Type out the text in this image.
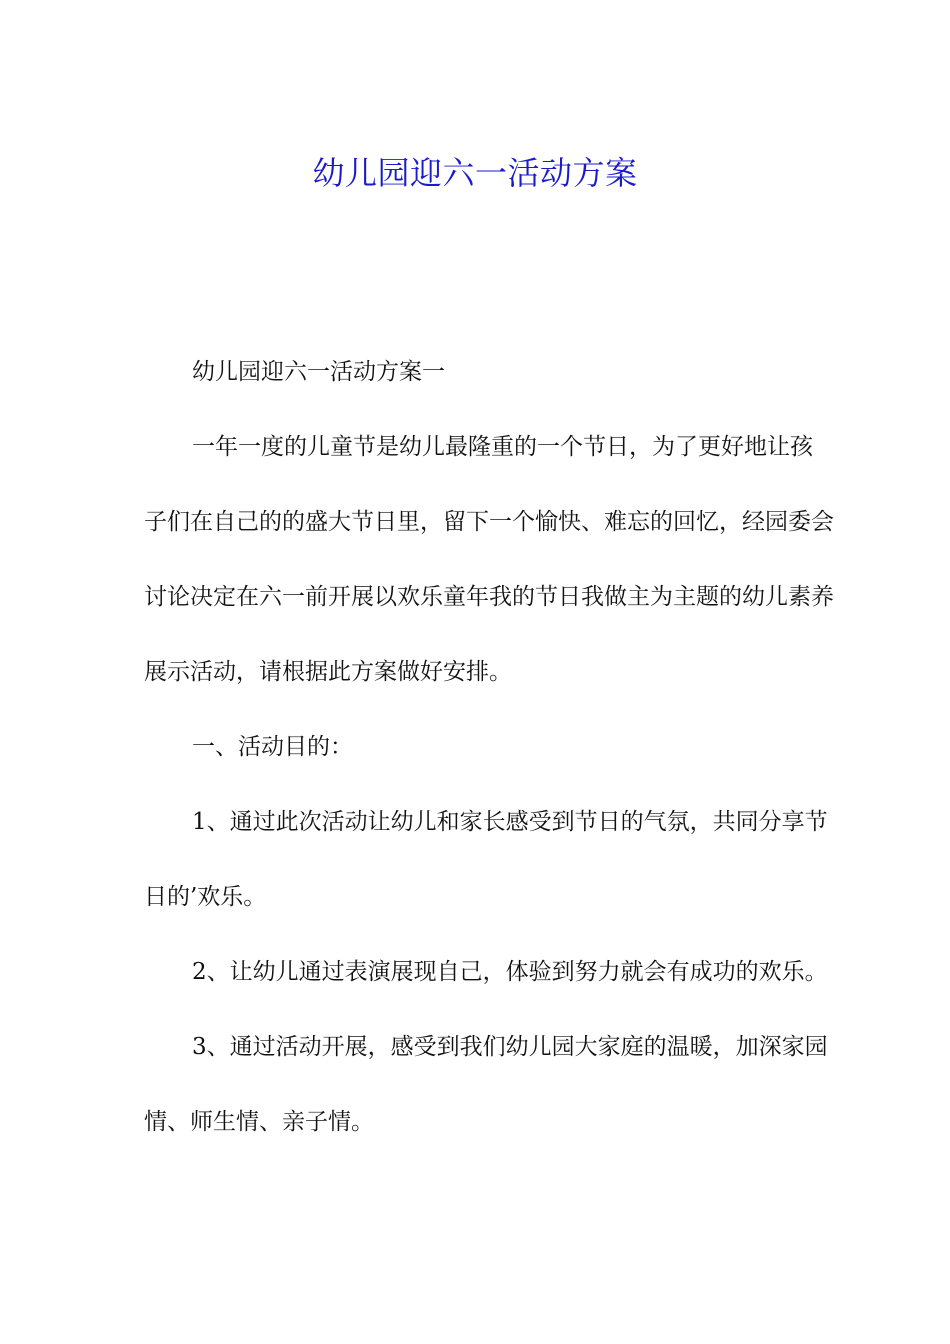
幼儿园迎六一活动方案

幼儿园迎六一活动方案一

一年一度的儿童节是幼儿最隆重的一个节日，为了更好地让孩子们在自己的的盛大节日里，留下一个愉快、难忘的回忆，经园委会讨论决定在六一前开展以欢乐童年我的节日我做主为主题的幼儿素养展示活动，请根据此方案做好安排。

一、活动目的：

1、通过此次活动让幼儿和家长感受到节日的气氛，共同分享节日的’欢乐。

2、让幼儿通过表演展现自己，体验到努力就会有成功的欢乐。

3、通过活动开展，感受到我们幼儿园大家庭的温暖，加深家园情、师生情、亲子情。
